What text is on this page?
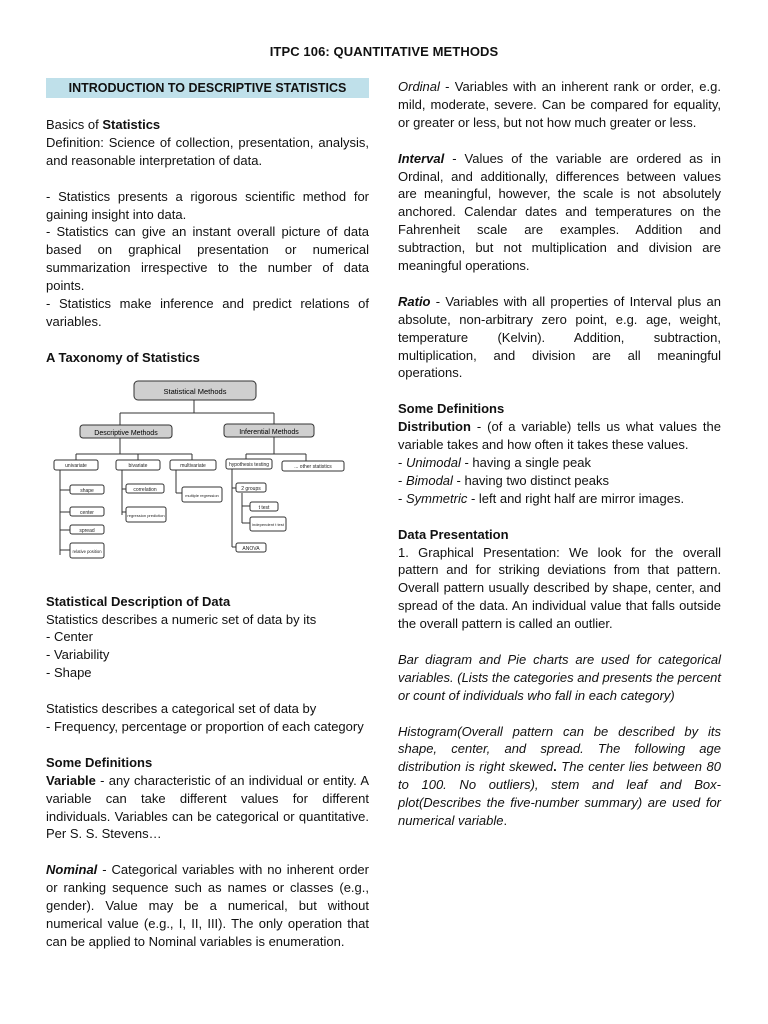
ITPC 106: QUANTITATIVE METHODS
INTRODUCTION TO DESCRIPTIVE STATISTICS

Basics of Statistics

Definition: Science of collection, presentation, analysis, and reasonable interpretation of data.

- Statistics presents a rigorous scientific method for gaining insight into data.

- Statistics can give an instant overall picture of data based on graphical presentation or numerical summarization irrespective to the number of data points.

- Statistics make inference and predict relations of variables.

A Taxonomy of Statistics

Statistical Methods
Descriptive Methods	Inferential Methods
univariate	bivariate	multivariate	hypothesis testing	... other statistics
shape
center
spread
relative position
correlation
regression prediction
multiple regression
2 groups
t test
independent t test
ANOVA

Statistical Description of Data

Statistics describes a numeric set of data by its

- Center

- Variability

- Shape

Statistics describes a categorical set of data by

- Frequency, percentage or proportion of each category

Some Definitions

Variable - any characteristic of an individual or entity. A variable can take different values for different individuals. Variables can be categorical or quantitative. Per S. S. Stevens…

Nominal - Categorical variables with no inherent order or ranking sequence such as names or classes (e.g., gender). Value may be a numerical, but without numerical value (e.g., I, II, III). The only operation that can be applied to Nominal variables is enumeration.

Ordinal - Variables with an inherent rank or order, e.g. mild, moderate, severe. Can be compared for equality, or greater or less, but not how much greater or less.

Interval - Values of the variable are ordered as in Ordinal, and additionally, differences between values are meaningful, however, the scale is not absolutely anchored. Calendar dates and temperatures on the Fahrenheit scale are examples. Addition and subtraction, but not multiplication and division are meaningful operations.

Ratio - Variables with all properties of Interval plus an absolute, non-arbitrary zero point, e.g. age, weight, temperature (Kelvin). Addition, subtraction, multiplication, and division are all meaningful operations.

Some Definitions

Distribution - (of a variable) tells us what values the variable takes and how often it takes these values.

- Unimodal - having a single peak

- Bimodal - having two distinct peaks

- Symmetric - left and right half are mirror images.

Data Presentation

1. Graphical Presentation: We look for the overall pattern and for striking deviations from that pattern. Overall pattern usually described by shape, center, and spread of the data. An individual value that falls outside the overall pattern is called an outlier.

Bar diagram and Pie charts are used for categorical variables. (Lists the categories and presents the percent or count of individuals who fall in each category)

Histogram(Overall pattern can be described by its shape, center, and spread. The following age distribution is right skewed. The center lies between 80 to 100. No outliers), stem and leaf and Box-plot(Describes the five-number summary) are used for numerical variable.
